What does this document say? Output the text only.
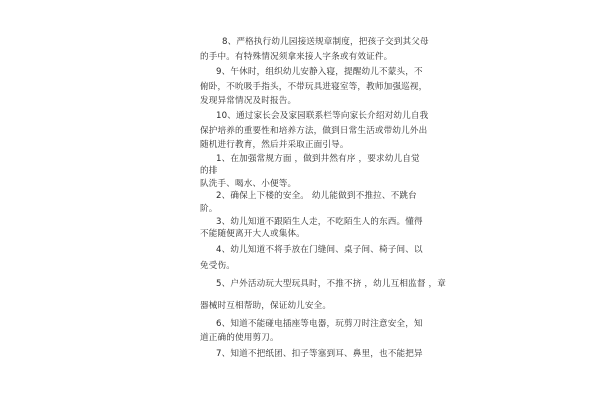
8、严格执行幼儿园接送规章制度，把孩子交到其父母
的手中。有特殊情况须拿来接人字条或有效证件。
9、午休时，组织幼儿安静入寝，提醒幼儿不蒙头，不
俯卧，不吮吸手指头，不带玩具进寝室等，教师加强巡视，
发现异常情况及时报告。
10、通过家长会及家园联系栏等向家长介绍对幼儿自我
保护培养的重要性和培养方法，做到日常生活或带幼儿外出
随机进行教育，然后并采取正面引导。
1、在加强常规方面 ，做到井然有序 ，要求幼儿自觉
的排
队洗手、喝水、小便等。
2、确保上下楼的安全。 幼儿能做到不推拉、不跳台
阶。
3、幼儿知道不跟陌生人走，不吃陌生人的东西。懂得
不能随便离开大人或集体。
4、幼儿知道不将手放在门缝间、桌子间、椅子间、以
免受伤。
5、户外活动玩大型玩具时，不推不挤 ，幼儿互相监督 ，章
器械时互相帮助，保证幼儿安全。
6、知道不能碰电插座等电器，玩剪刀时注意安全，知
道正确的使用剪刀。
7、知道不把纸团、扣子等塞到耳、鼻里，也不能把异
